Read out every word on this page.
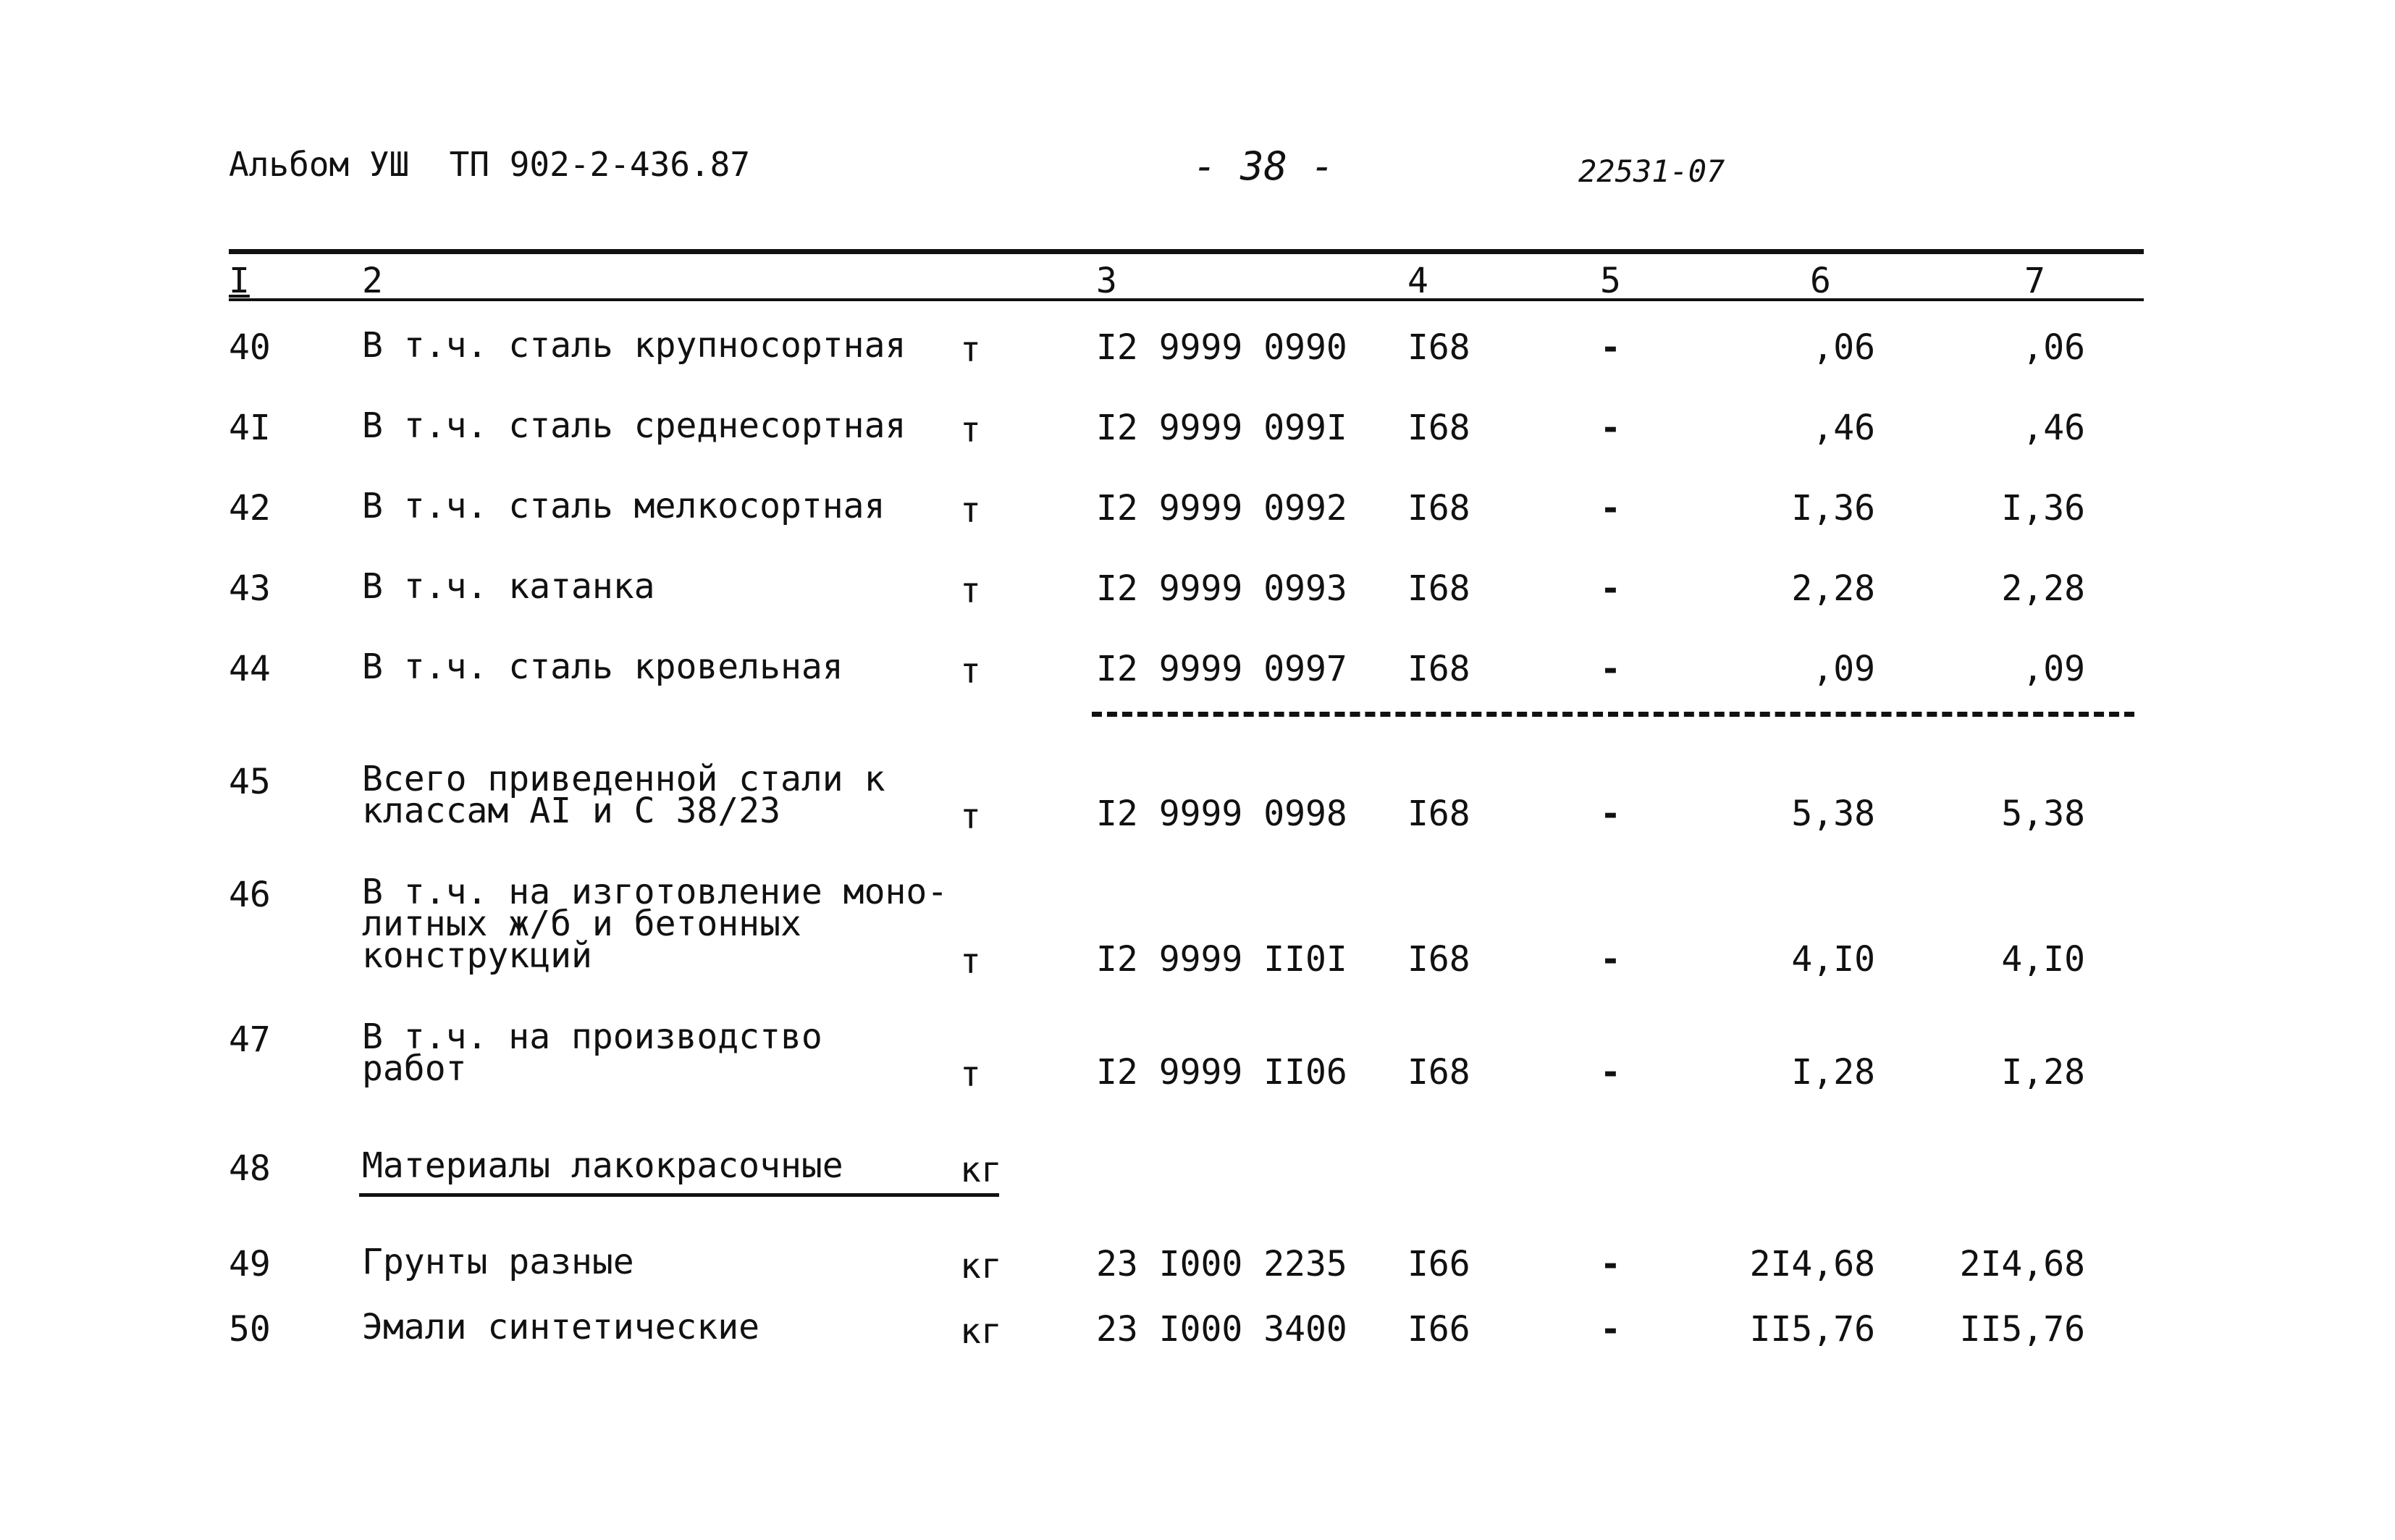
Альбом УШ ТП 902-2-436.87	- 38 -	22531-07
I	2	3	4	5	6	7
40	В т.ч. сталь крупносортная т	I2 9999 0990 I68	-	,06	,06
4I	В т.ч. сталь среднесортная т	I2 9999 099I I68	-	,46	,46
42	В т.ч. сталь мелкосортная т	I2 9999 0992 I68	-	I,36	I,36
43	В т.ч. катанка	т	I2 9999 0993 I68	-	2,28	2,28
44	В т.ч. сталь кровельная	т	I2 9999 0997 I68	-	,09	,09
45	Всего приведенной стали к
классам AI и С 38/23	т	I2 9999 0998 I68	-	5,38	5,38
46	В т.ч. на изготовление моно-
литных ж/б и бетонных
конструкций	т	I2 9999 II0I I68	-	4,I0	4,I0
47	В т.ч. на производство
работ	т	I2 9999 II06 I68	-	I,28	I,28
48	Материалы лакокрасочные	кг
49	Грунты разные	кг	23 I000 2235 I66	-	2I4,68	2I4,68
50	Эмали синтетические	кг	23 I000 3400 I66	-	II5,76	II5,76
